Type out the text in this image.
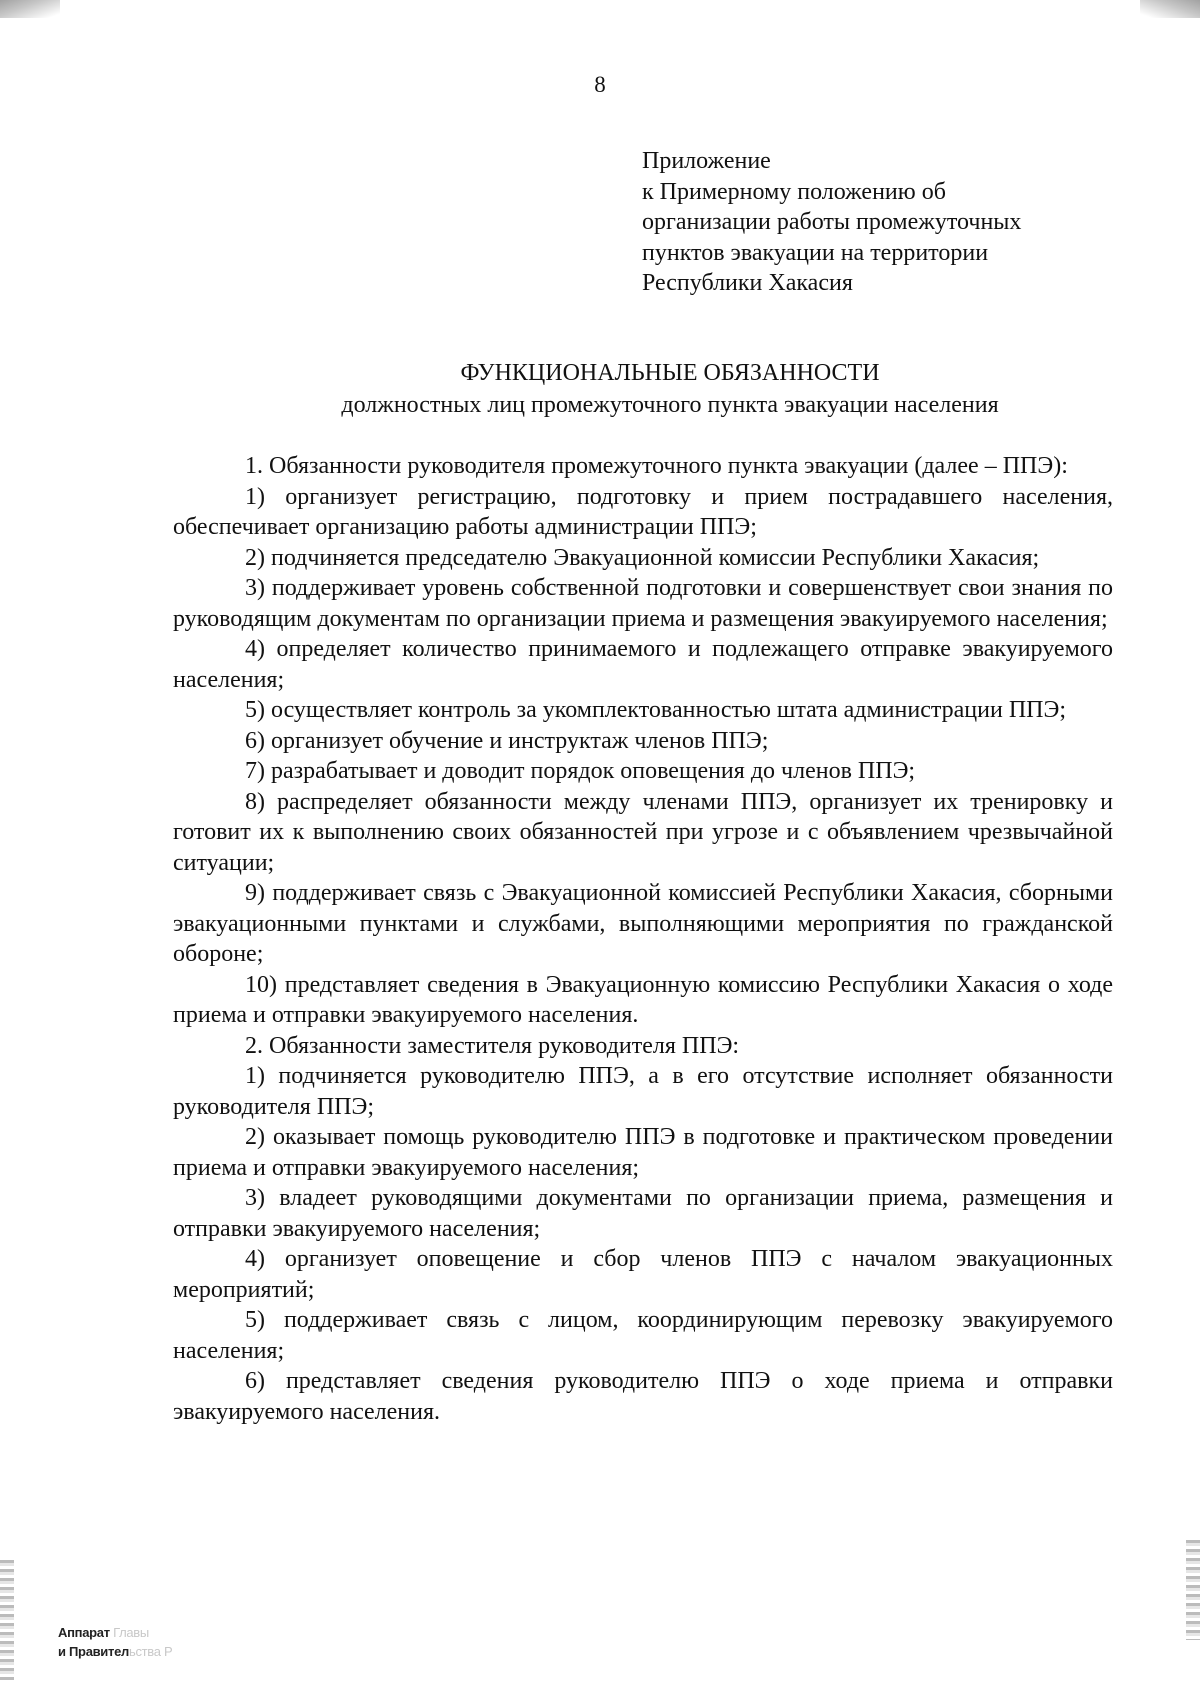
8
Приложение
к Примерному положению об
организации работы промежуточных
пунктов эвакуации на территории
Республики Хакасия
ФУНКЦИОНАЛЬНЫЕ ОБЯЗАННОСТИ
должностных лиц промежуточного пункта эвакуации населения

1. Обязанности руководителя промежуточного пункта эвакуации (далее – ППЭ):

1) организует регистрацию, подготовку и прием пострадавшего населения, обеспечивает организацию работы администрации ППЭ;

2) подчиняется председателю Эвакуационной комиссии Республики Хакасия;

3) поддерживает уровень собственной подготовки и совершенствует свои знания по руководящим документам по организации приема и размещения эвакуируемого населения;

4) определяет количество принимаемого и подлежащего отправке эвакуируемого населения;

5) осуществляет контроль за укомплектованностью штата администрации ППЭ;

6) организует обучение и инструктаж членов ППЭ;

7) разрабатывает и доводит порядок оповещения до членов ППЭ;

8) распределяет обязанности между членами ППЭ, организует их тренировку и готовит их к выполнению своих обязанностей при угрозе и с объявлением чрезвычайной ситуации;

9) поддерживает связь с Эвакуационной комиссией Республики Хакасия, сборными эвакуационными пунктами и службами, выполняющими мероприятия по гражданской обороне;

10) представляет сведения в Эвакуационную комиссию Республики Хакасия о ходе приема и отправки эвакуируемого населения.

2. Обязанности заместителя руководителя ППЭ:

1) подчиняется руководителю ППЭ, а в его отсутствие исполняет обязанности руководителя ППЭ;

2) оказывает помощь руководителю ППЭ в подготовке и практическом проведении приема и отправки эвакуируемого населения;

3) владеет руководящими документами по организации приема, размещения и отправки эвакуируемого населения;

4) организует оповещение и сбор членов ППЭ с началом эвакуационных мероприятий;

5) поддерживает связь с лицом, координирующим перевозку эвакуируемого населения;

6) представляет сведения руководителю ППЭ о ходе приема и отправки эвакуируемого населения.

Аппарат Главы
и Правительства Р
